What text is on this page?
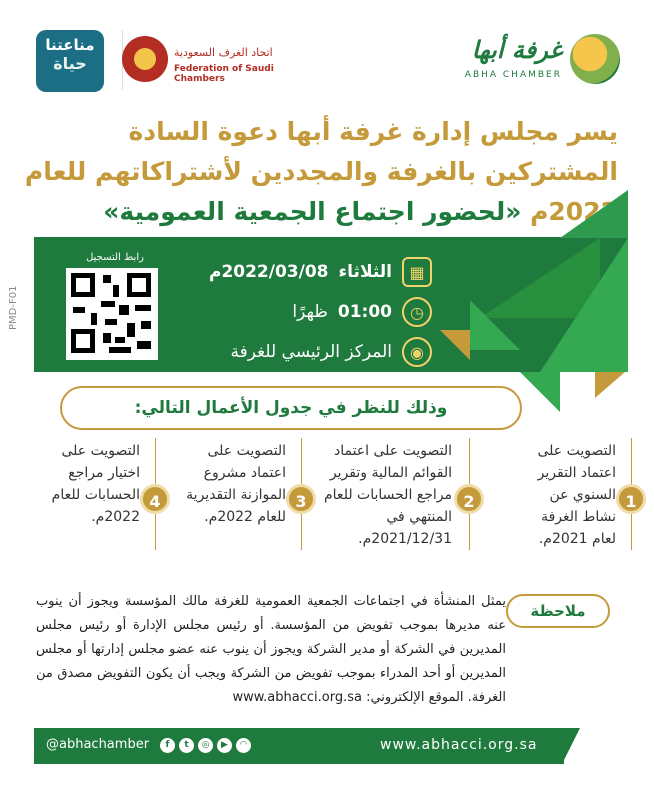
غرفة أبها
ABHA CHAMBER
اتحاد الغرف السعودية
Federation of Saudi Chambers
مناعتنا
حياة
يسر مجلس إدارة غرفة أبها دعوة السادة
المشتركين بالغرفة والمجددين لأشتراكاتهم للعام
2022م «لحضور اجتماع الجمعية العمومية»
رابط التسجيل
▦
الثلاثاء
2022/03/08م
◷
01:00
ظهرًا
◉
المركز الرئيسي للغرفة
وذلك للنظر في جدول الأعمال التالي:
1
التصويت على اعتماد التقرير السنوي عن نشاط الغرفة لعام 2021م.
2
التصويت على اعتماد القوائم المالية وتقرير مراجع الحسابات للعام المنتهي في 2021/12/31م.
3
التصويت على اعتماد مشروع الموازنة التقديرية للعام 2022م.
4
التصويت على اختيار مراجع الحسابات للعام 2022م.
ملاحظة
يمثل المنشأة في اجتماعات الجمعية العمومية للغرفة مالك المؤسسة ويجوز أن ينوب عنه مديرها بموجب تفويض من المؤسسة. أو رئيس مجلس الإدارة أو رئيس مجلس المديرين في الشركة أو مدير الشركة ويجوز أن ينوب عنه عضو مجلس إدارتها أو مجلس المديرين أو أحد المدراء بموجب تفويض من الشركة ويجب أن يكون التفويض مصدق من الغرفة. الموقع الإلكتروني: www.abhacci.org.sa
@abhachamber	f	t	◎	▶	◠	www.abhacci.org.sa
PMD-F01
